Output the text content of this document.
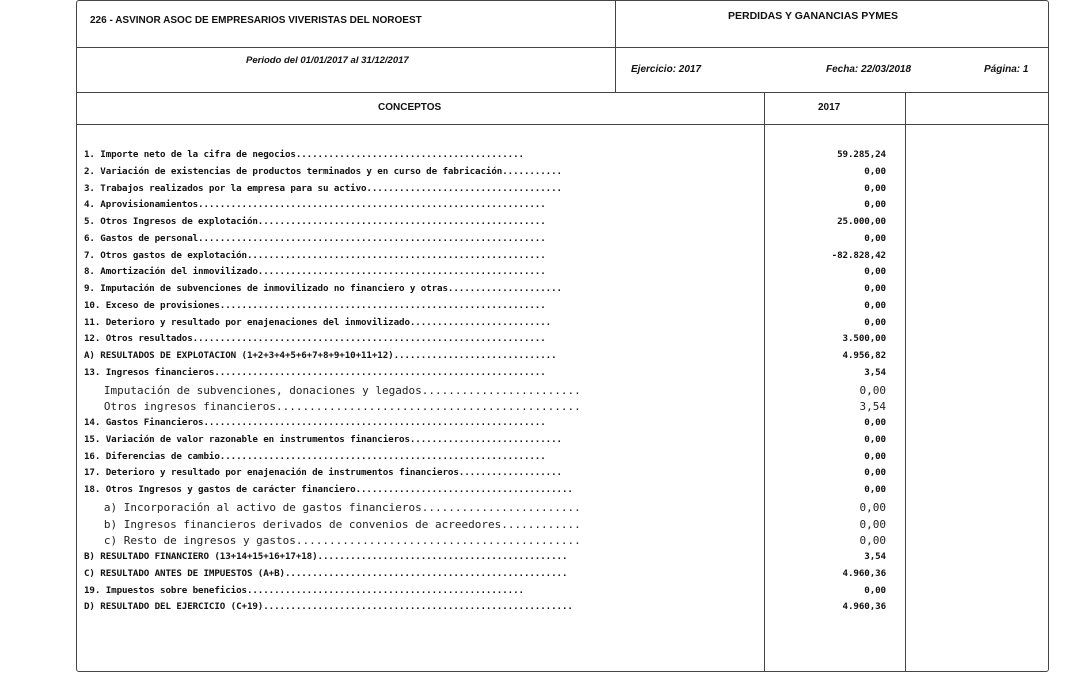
226 - ASVINOR ASOC DE EMPRESARIOS VIVERISTAS DEL NOROEST	PERDIDAS Y GANANCIAS PYMES
Periodo del 01/01/2017 al 31/12/2017
Ejercicio: 2017	Fecha: 22/03/2018	Página: 1
CONCEPTOS	2017
1. Importe neto de la cifra de negocios..........................................	59.285,24
2. Variación de existencias de productos terminados y en curso de fabricación...........	0,00
3. Trabajos realizados por la empresa para su activo....................................	0,00
4. Aprovisionamientos................................................................	0,00
5. Otros Ingresos de explotación.....................................................	25.000,00
6. Gastos de personal................................................................	0,00
7. Otros gastos de explotación.......................................................	-82.828,42
8. Amortización del inmovilizado.....................................................	0,00
9. Imputación de subvenciones de inmovilizado no financiero y otras.....................	0,00
10. Exceso de provisiones............................................................	0,00
11. Deterioro y resultado por enajenaciones del inmovilizado..........................	0,00
12. Otros resultados.................................................................	3.500,00
A) RESULTADOS DE EXPLOTACION (1+2+3+4+5+6+7+8+9+10+11+12)..............................	4.956,82
13. Ingresos financieros.............................................................	3,54
Imputación de subvenciones, donaciones y legados........................	0,00
Otros ingresos financieros..............................................	3,54
14. Gastos Financieros...............................................................	0,00
15. Variación de valor razonable en instrumentos financieros............................	0,00
16. Diferencias de cambio............................................................	0,00
17. Deterioro y resultado por enajenación de instrumentos financieros...................	0,00
18. Otros Ingresos y gastos de carácter financiero........................................	0,00
a) Incorporación al activo de gastos financieros........................	0,00
b) Ingresos financieros derivados de convenios de acreedores............	0,00
c) Resto de ingresos y gastos...........................................	0,00
B) RESULTADO FINANCIERO (13+14+15+16+17+18)..............................................	3,54
C) RESULTADO ANTES DE IMPUESTOS (A+B)....................................................	4.960,36
19. Impuestos sobre beneficios...................................................	0,00
D) RESULTADO DEL EJERCICIO (C+19).........................................................	4.960,36
